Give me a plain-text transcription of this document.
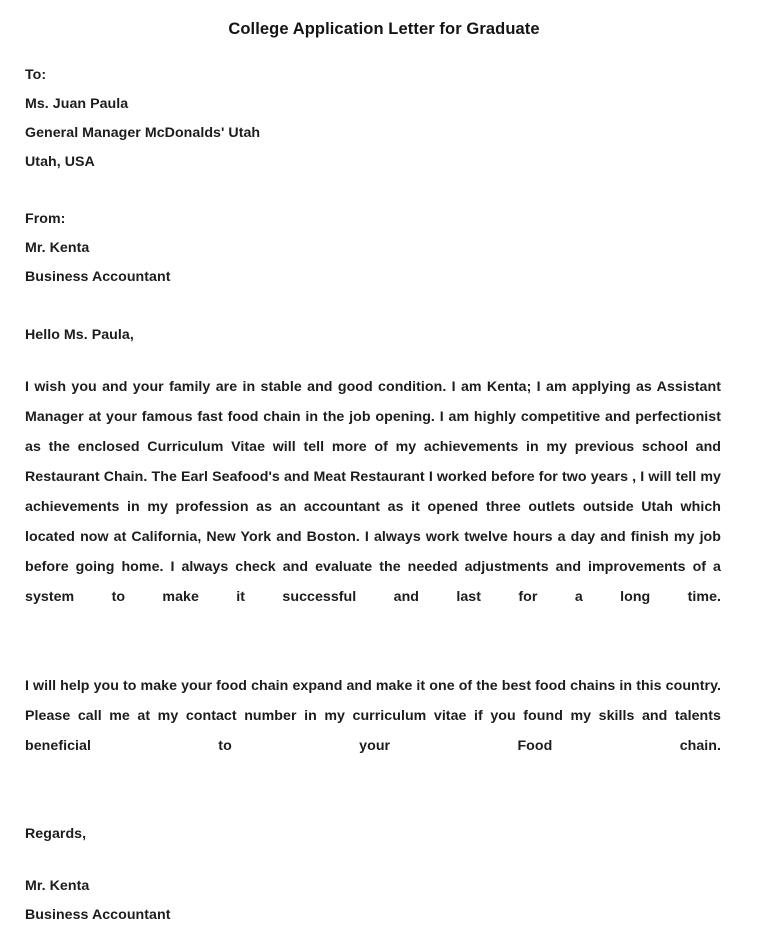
College Application Letter for Graduate
To:
Ms. Juan Paula
General Manager McDonalds' Utah
Utah, USA
From:
Mr. Kenta
Business Accountant
Hello Ms. Paula,

I wish you and your family are in stable and good condition. I am Kenta; I am applying as Assistant Manager at your famous fast food chain in the job opening. I am highly competitive and perfectionist as the enclosed Curriculum Vitae will tell more of my achievements in my previous school and Restaurant Chain. The Earl Seafood's and Meat Restaurant I worked before for two years , I will tell my achievements in my profession as an accountant as it opened three outlets outside Utah which located now at California, New York and Boston. I always work twelve hours a day and finish my job before going home. I always check and evaluate the needed adjustments and improvements of a system to make it successful and last for a long time.

I will help you to make your food chain expand and make it one of the best food chains in this country. Please call me at my contact number in my curriculum vitae if you found my skills and talents beneficial to your Food chain.

Regards,
Mr. Kenta
Business Accountant
